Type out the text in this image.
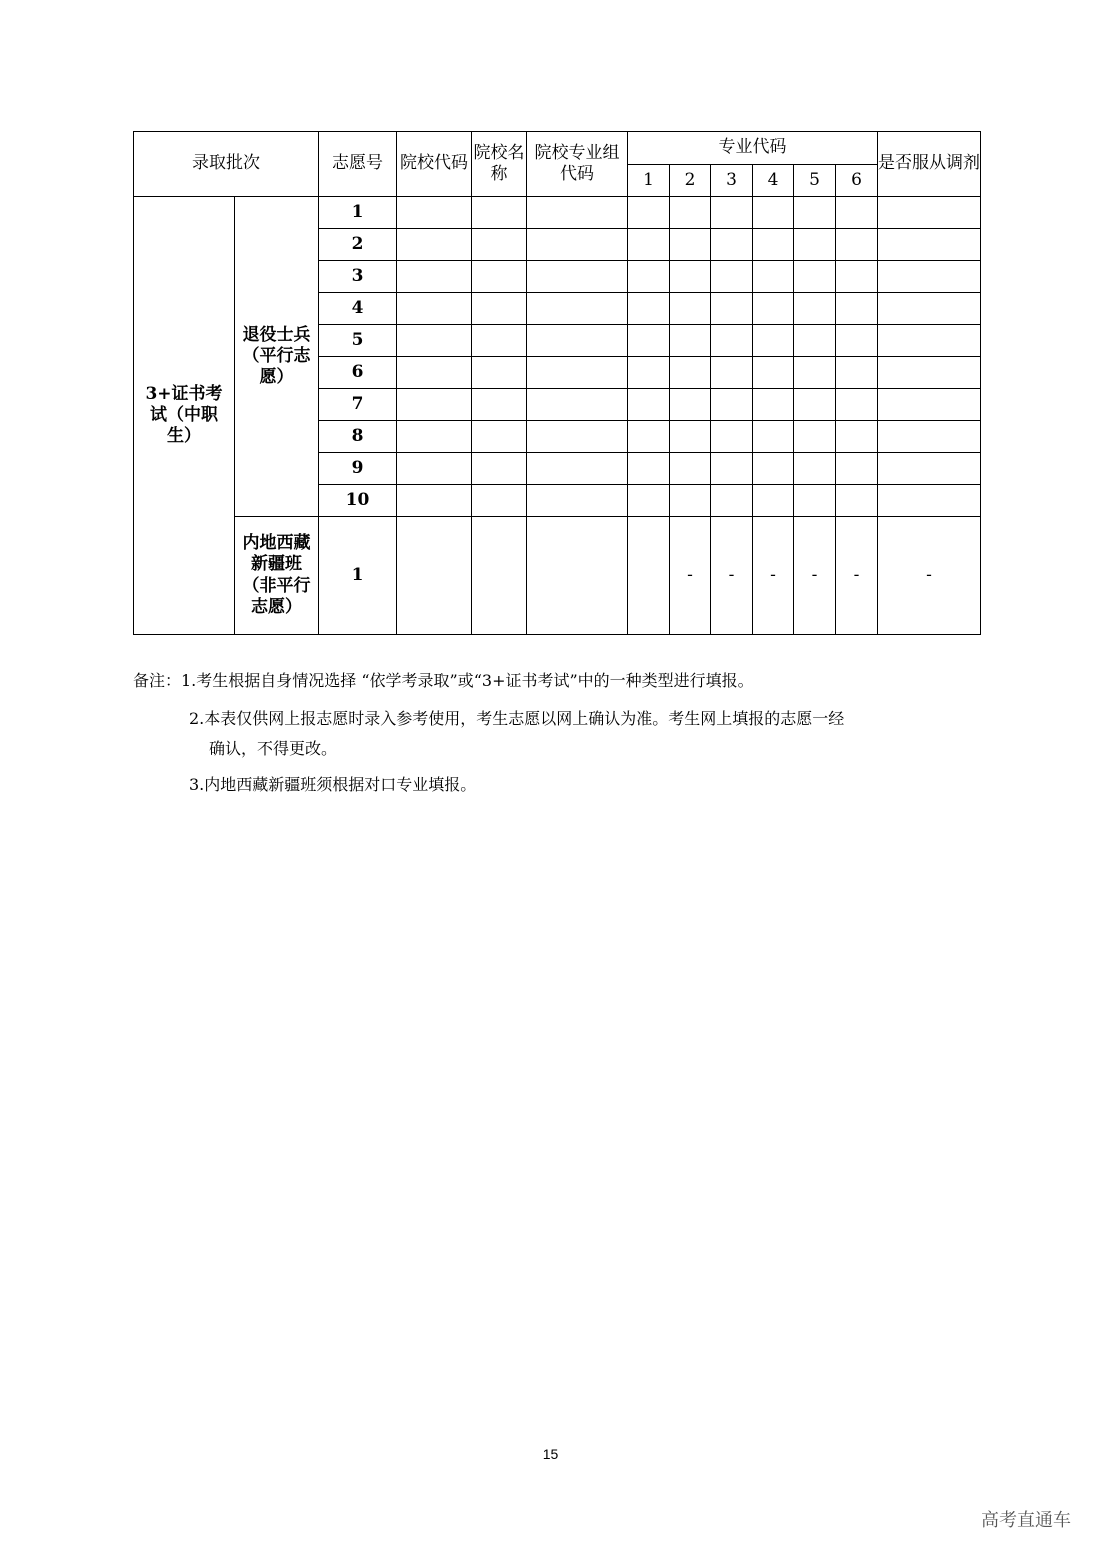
录取批次		志愿号	院校代码	院校名称	院校专业组代码	专业代码						是否服从调剂
						1	2	3	4	5	6	
3+证书考试（中职生）	退役士兵（平行志愿）	1										
		2										
		3										
		4										
		5										
		6										
		7										
		8										
		9										
		10										
	内地西藏新疆班（非平行志愿）	1					-	-	-	-	-	-
备注：1.考生根据自身情况选择 “依学考录取”或“3+证书考试”中的一种类型进行填报。
2.本表仅供网上报志愿时录入参考使用，考生志愿以网上确认为准。考生网上填报的志愿一经
确认，不得更改。
3.内地西藏新疆班须根据对口专业填报。
15
高考直通车
